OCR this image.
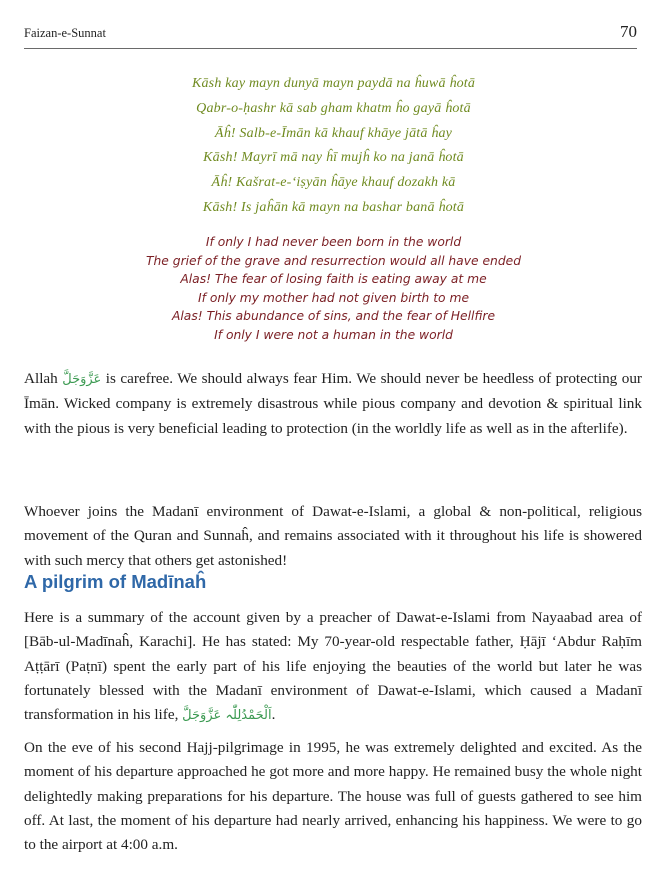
Faizan-e-Sunnat	70
Kāsh kay mayn dunyā mayn paydā na ĥuwā ĥotā
Qabr-o-ḥashr kā sab gham khatm ĥo gayā ĥotā
Āĥ! Salb-e-Īmān kā khauf khāye jātā ĥay
Kāsh! Mayrī mā nay ĥī mujĥ ko na janā ĥotā
Āĥ! Kašrat-e-‘iṣyān ĥāye khauf dozakh kā
Kāsh! Is jaĥān kā mayn na bashar banā ĥotā
If only I had never been born in the world
The grief of the grave and resurrection would all have ended
Alas! The fear of losing faith is eating away at me
If only my mother had not given birth to me
Alas! This abundance of sins, and the fear of Hellfire
If only I were not a human in the world

Allah عَزَّوَجَلَّ is carefree. We should always fear Him. We should never be heedless of protecting our Īmān. Wicked company is extremely disastrous while pious company and devotion & spiritual link with the pious is very beneficial leading to protection (in the worldly life as well as in the afterlife).

Whoever joins the Madanī environment of Dawat-e-Islami, a global & non-political, religious movement of the Quran and Sunnaĥ, and remains associated with it throughout his life is showered with such mercy that others get astonished!

A pilgrim of Madīnaĥ

Here is a summary of the account given by a preacher of Dawat-e-Islami from Nayaabad area of [Bāb-ul-Madīnaĥ, Karachi]. He has stated: My 70-year-old respectable father, Ḥājī ‘Abdur Raḥīm Aṭṭārī (Paṭnī) spent the early part of his life enjoying the beauties of the world but later he was fortunately blessed with the Madanī environment of Dawat-e-Islami, which caused a Madanī transformation in his life, اَلْحَمْدُلِلّٰہ عَزَّوَجَلَّ.

On the eve of his second Hajj-pilgrimage in 1995, he was extremely delighted and excited. As the moment of his departure approached he got more and more happy. He remained busy the whole night delightedly making preparations for his departure. The house was full of guests gathered to see him off. At last, the moment of his departure had nearly arrived, enhancing his happiness. We were to go to the airport at 4:00 a.m.
